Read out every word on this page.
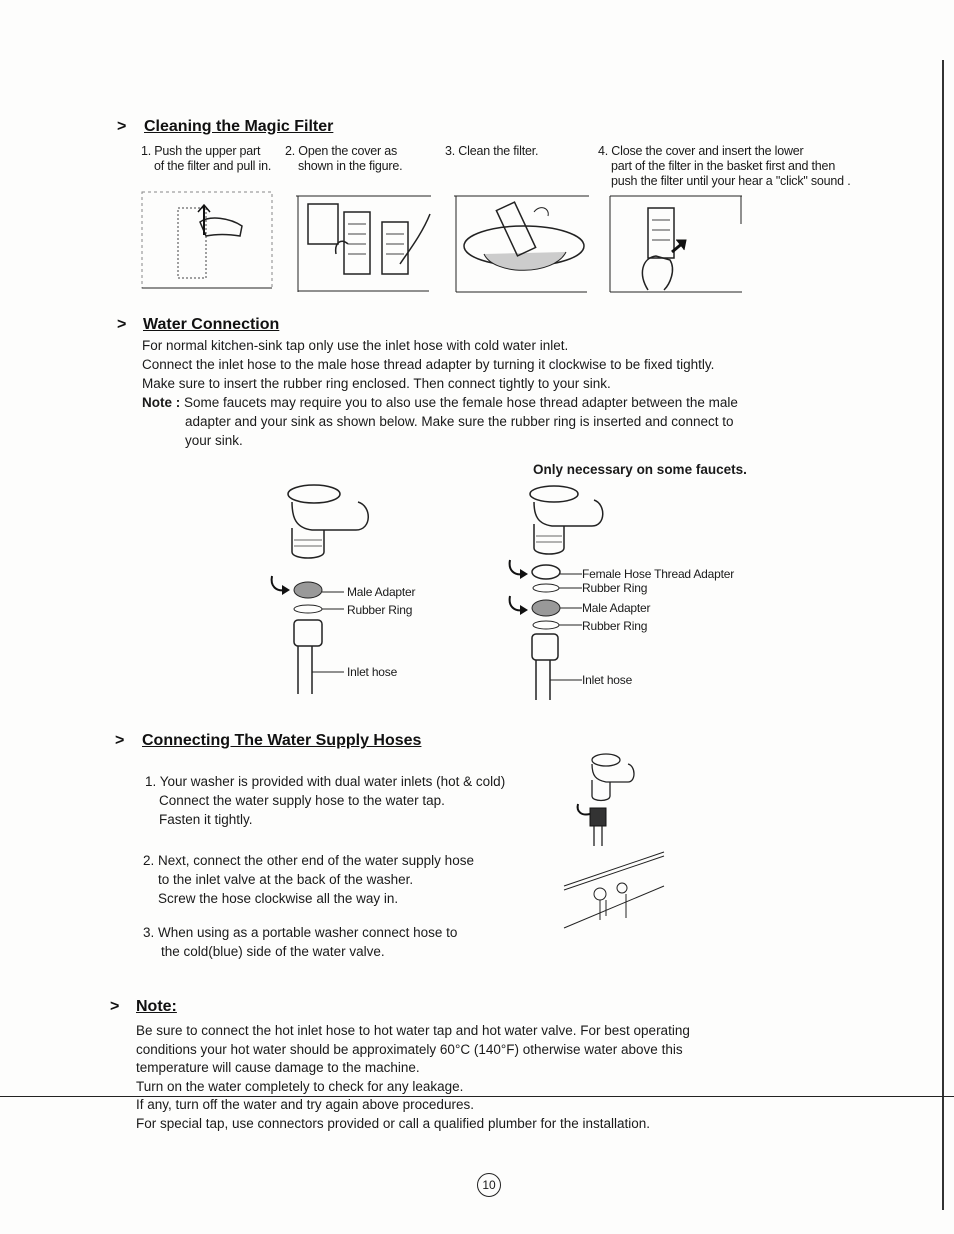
> Cleaning the Magic Filter
1. Push the upper part
of the filter and pull in.
2. Open the cover as
shown in the figure.
3. Clean the filter.	4. Close the cover and insert the lower
part of the filter in the basket first and then
push the filter until your hear a "click" sound .
> Water Connection
For normal kitchen-sink tap only use the inlet hose with cold water inlet.
Connect the inlet hose to the male hose thread adapter by turning it clockwise to be fixed tightly.
Make sure to insert the rubber ring enclosed. Then connect tightly to your sink.
Note : Some faucets may require you to also use the female hose thread adapter between the male
adapter and your sink as shown below. Make sure the rubber ring is inserted and connect to
your sink.
Only necessary on some faucets.
Male Adapter
Rubber Ring
Inlet hose
Female Hose Thread Adapter
Rubber Ring
Male Adapter
Rubber Ring
Inlet hose
> Connecting The Water Supply Hoses
1. Your washer is provided with dual water inlets (hot & cold)
Connect the water supply hose to the water tap.
Fasten it tightly.
2. Next, connect the other end of the water supply hose
to the inlet valve at the back of the washer.
Screw the hose clockwise all the way in.
3. When using as a portable washer connect hose to
the cold(blue) side of the water valve.
> Note:
Be sure to connect the hot inlet hose to hot water tap and hot water valve. For best operating
conditions your hot water should be approximately 60°C (140°F) otherwise water above this
temperature will cause damage to the machine.
Turn on the water completely to check for any leakage.
If any, turn off the water and try again above procedures.
For special tap, use connectors provided or call a qualified plumber for the installation.
10
